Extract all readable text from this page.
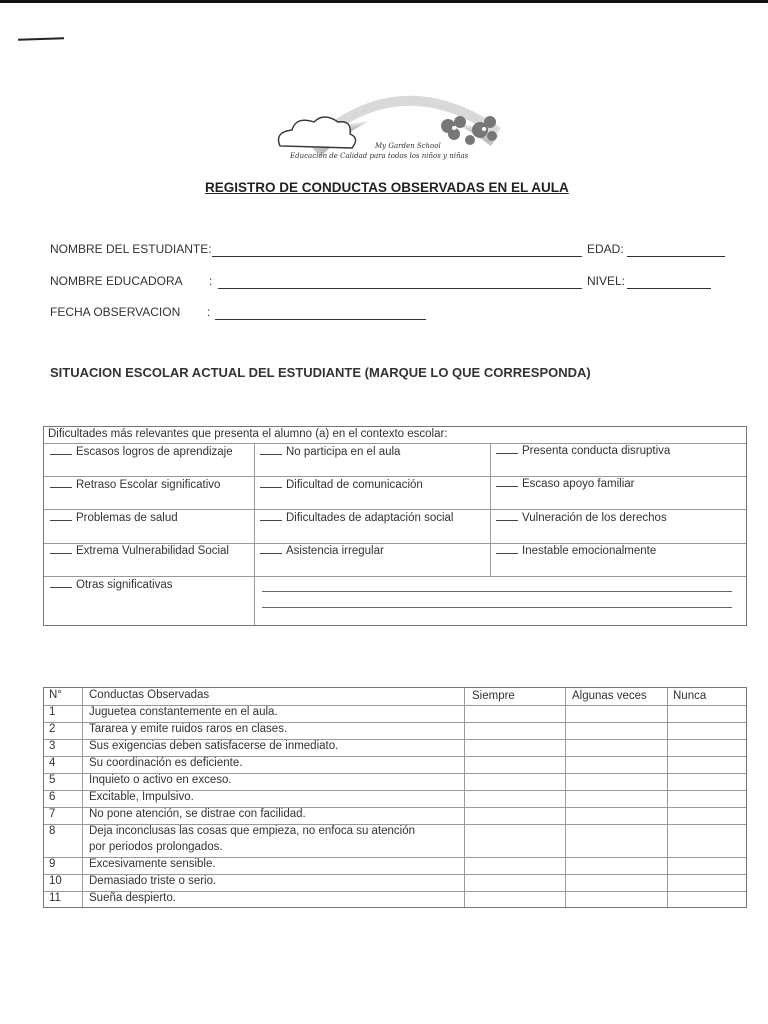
My Garden School
Educación de Calidad para todos los niños y niñas
REGISTRO DE CONDUCTAS OBSERVADAS EN EL AULA
NOMBRE DEL ESTUDIANTE:	EDAD:
NOMBRE EDUCADORA :	NIVEL:
FECHA OBSERVACION :
SITUACION ESCOLAR ACTUAL DEL ESTUDIANTE (MARQUE LO QUE CORRESPONDA)
Dificultades más relevantes que presenta el alumno (a) en el contexto escolar:
Escasos logros de aprendizaje	No participa en el aula	Presenta conducta disruptiva
Retraso Escolar significativo	Dificultad de comunicación	Escaso apoyo familiar
Problemas de salud	Dificultades de adaptación social	Vulneración de los derechos
Extrema Vulnerabilidad Social	Asistencia irregular	Inestable emocionalmente
Otras significativas
N° Conductas Observadas	Siempre	Algunas veces Nunca
1	Juguetea constantemente en el aula.
2	Tararea y emite ruidos raros en clases.
3	Sus exigencias deben satisfacerse de inmediato.
4	Su coordinación es deficiente.
5	Inquieto o activo en exceso.
6	Excitable, Impulsivo.
7	No pone atención, se distrae con facilidad.
8	Deja inconclusas las cosas que empieza, no enfoca su atención
por periodos prolongados.
9	Excesivamente sensible.
10 Demasiado triste o serio.
11 Sueña despierto.
